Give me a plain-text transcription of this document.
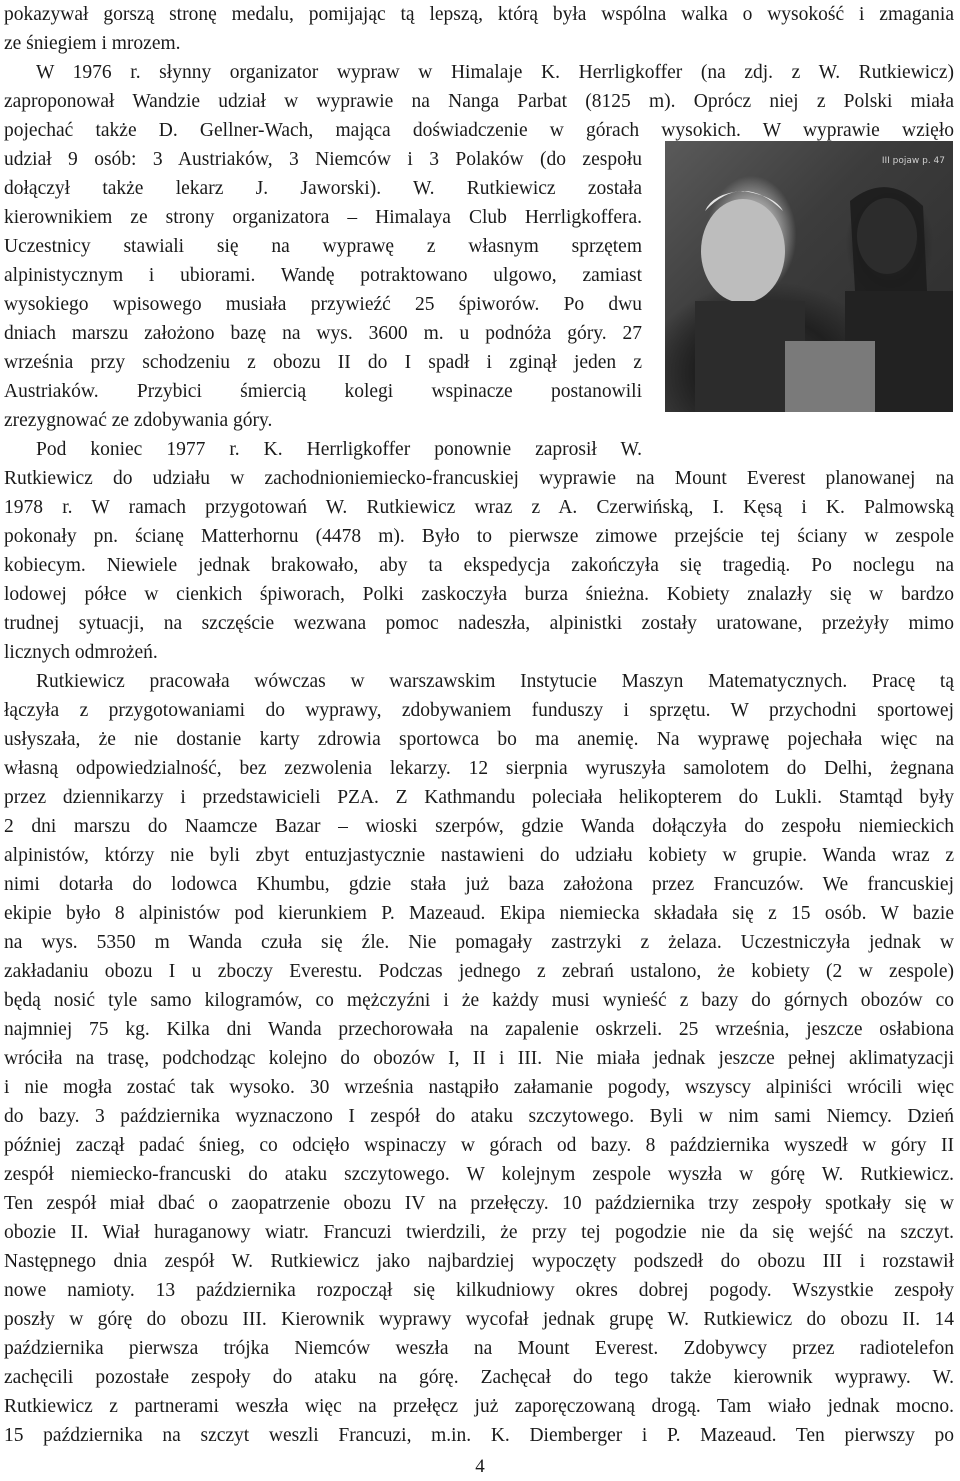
pokazywał gorszą stronę medalu, pomijając tą lepszą, którą była wspólna walka o wysokość i zmagania
ze śniegiem i mrozem.
W 1976 r. słynny organizator wypraw w Himalaje K. Herrligkoffer (na zdj. z W. Rutkiewicz)
zaproponował Wandzie udział w wyprawie na Nanga Parbat (8125 m). Oprócz niej z Polski miała
pojechać także D. Gellner-Wach, mająca doświadczenie w górach wysokich. W wyprawie wzięło
udział 9 osób: 3 Austriaków, 3 Niemców i 3 Polaków (do zespołu
dołączył także lekarz J. Jaworski). W. Rutkiewicz została
kierownikiem ze strony organizatora – Himalaya Club Herrligkoffera.
Uczestnicy stawiali się na wyprawę z własnym sprzętem
alpinistycznym i ubiorami. Wandę potraktowano ulgowo, zamiast
wysokiego wpisowego musiała przywieźć 25 śpiworów. Po dwu
dniach marszu założono bazę na wys. 3600 m. u podnóża góry. 27
września przy schodzeniu z obozu II do I spadł i zginął jeden z
Austriaków. Przybici śmiercią kolegi wspinacze postanowili
zrezygnować ze zdobywania góry.
Pod koniec 1977 r. K. Herrligkoffer ponownie zaprosił W.
Rutkiewicz do udziału w zachodnioniemiecko-francuskiej wyprawie na Mount Everest planowanej na
1978 r. W ramach przygotowań W. Rutkiewicz wraz z A. Czerwińską, I. Kęsą i K. Palmowską
pokonały pn. ścianę Matterhornu (4478 m). Było to pierwsze zimowe przejście tej ściany w zespole
kobiecym. Niewiele jednak brakowało, aby ta ekspedycja zakończyła się tragedią. Po noclegu na
lodowej półce w cienkich śpiworach, Polki zaskoczyła burza śnieżna. Kobiety znalazły się w bardzo
trudnej sytuacji, na szczęście wezwana pomoc nadeszła, alpinistki zostały uratowane, przeżyły mimo
licznych odmrożeń.
Rutkiewicz pracowała wówczas w warszawskim Instytucie Maszyn Matematycznych. Pracę tą
łączyła z przygotowaniami do wyprawy, zdobywaniem funduszy i sprzętu. W przychodni sportowej
usłyszała, że nie dostanie karty zdrowia sportowca bo ma anemię. Na wyprawę pojechała więc na
własną odpowiedzialność, bez zezwolenia lekarzy. 12 sierpnia wyruszyła samolotem do Delhi, żegnana
przez dziennikarzy i przedstawicieli PZA. Z Kathmandu poleciała helikopterem do Lukli. Stamtąd były
2 dni marszu do Naamcze Bazar – wioski szerpów, gdzie Wanda dołączyła do zespołu niemieckich
alpinistów, którzy nie byli zbyt entuzjastycznie nastawieni do udziału kobiety w grupie. Wanda wraz z
nimi dotarła do lodowca Khumbu, gdzie stała już baza założona przez Francuzów. We francuskiej
ekipie było 8 alpinistów pod kierunkiem P. Mazeaud. Ekipa niemiecka składała się z 15 osób. W bazie
na wys. 5350 m Wanda czuła się źle. Nie pomagały zastrzyki z żelaza. Uczestniczyła jednak w
zakładaniu obozu I u zboczy Everestu. Podczas jednego z zebrań ustalono, że kobiety (2 w zespole)
będą nosić tyle samo kilogramów, co mężczyźni i że każdy musi wynieść z bazy do górnych obozów co
najmniej 75 kg. Kilka dni Wanda przechorowała na zapalenie oskrzeli. 25 września, jeszcze osłabiona
wróciła na trasę, podchodząc kolejno do obozów I, II i III. Nie miała jednak jeszcze pełnej aklimatyzacji
i nie mogła zostać tak wysoko. 30 września nastąpiło załamanie pogody, wszyscy alpiniści wrócili więc
do bazy. 3 października wyznaczono I zespół do ataku szczytowego. Byli w nim sami Niemcy. Dzień
później zaczął padać śnieg, co odcięło wspinaczy w górach od bazy. 8 października wyszedł w góry II
zespół niemiecko-francuski do ataku szczytowego. W kolejnym zespole wyszła w górę W. Rutkiewicz.
Ten zespół miał dbać o zaopatrzenie obozu IV na przełęczy. 10 października trzy zespoły spotkały się w
obozie II. Wiał huraganowy wiatr. Francuzi twierdzili, że przy tej pogodzie nie da się wejść na szczyt.
Następnego dnia zespół W. Rutkiewicz jako najbardziej wypoczęty podszedł do obozu III i rozstawił
nowe namioty. 13 października rozpoczął się kilkudniowy okres dobrej pogody. Wszystkie zespoły
poszły w górę do obozu III. Kierownik wyprawy wycofał jednak grupę W. Rutkiewicz do obozu II. 14
października pierwsza trójka Niemców weszła na Mount Everest. Zdobywcy przez radiotelefon
zachęcili pozostałe zespoły do ataku na górę. Zachęcał do tego także kierownik wyprawy. W.
Rutkiewicz z partnerami weszła więc na przełęcz już zaporęczowaną drogą. Tam wiało jednak mocno.
15 października na szczyt weszli Francuzi, m.in. K. Diemberger i P. Mazeaud. Ten pierwszy po
III pojaw p. 47
4
